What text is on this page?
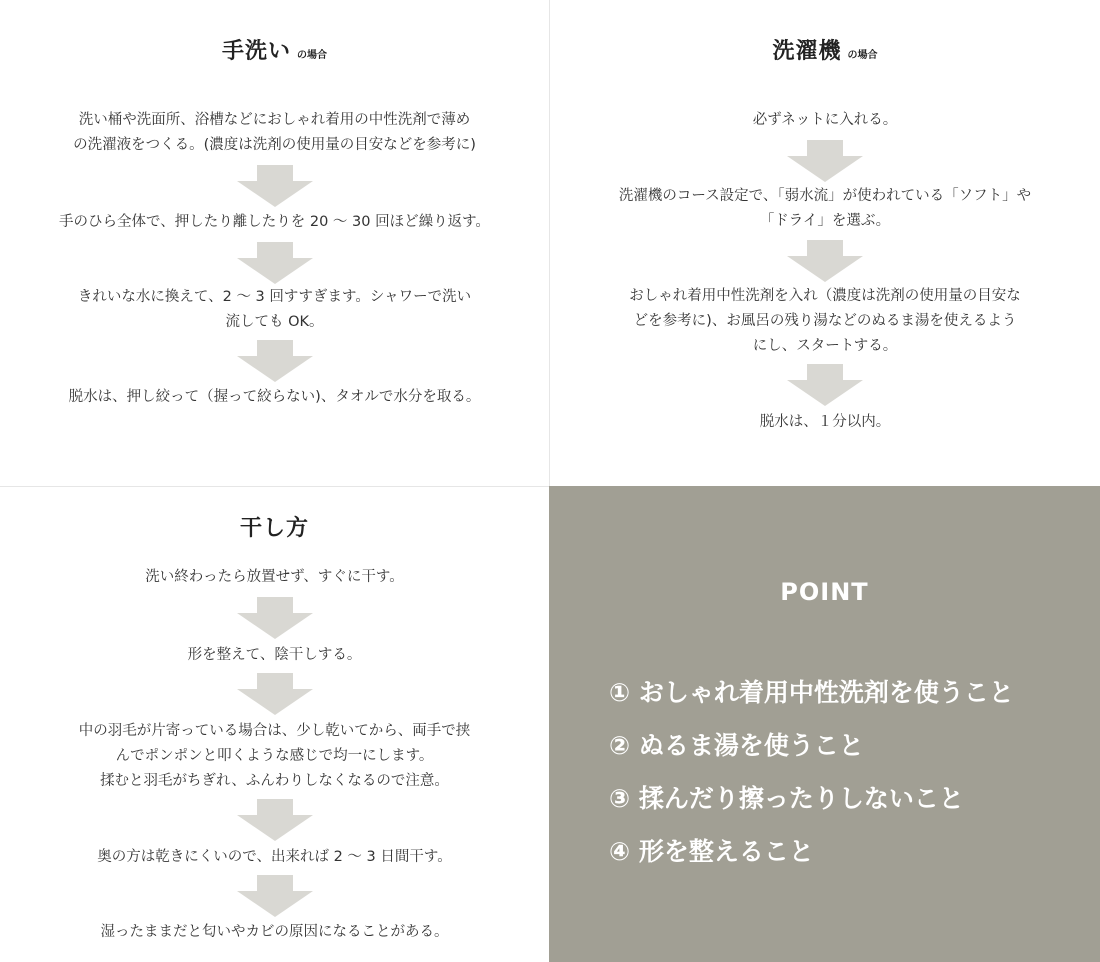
手洗い の場合
洗い桶や洗面所、浴槽などにおしゃれ着用の中性洗剤で薄め
の洗濯液をつくる。(濃度は洗剤の使用量の目安などを参考に)
手のひら全体で、押したり離したりを 20 ～ 30 回ほど繰り返す。
きれいな水に換えて、2 ～ 3 回すすぎます。シャワーで洗い
流しても OK。
脱水は、押し絞って（握って絞らない)、タオルで水分を取る。
洗濯機 の場合
必ずネットに入れる。
洗濯機のコース設定で、「弱水流」が使われている「ソフト」や
「ドライ」を選ぶ。
おしゃれ着用中性洗剤を入れ（濃度は洗剤の使用量の目安な
どを参考に)、お風呂の残り湯などのぬるま湯を使えるよう
にし、スタートする。
脱水は、１分以内。
干し方
洗い終わったら放置せず、すぐに干す。
形を整えて、陰干しする。
中の羽毛が片寄っている場合は、少し乾いてから、両手で挟
んでポンポンと叩くような感じで均一にします。
揉むと羽毛がちぎれ、ふんわりしなくなるので注意。
奥の方は乾きにくいので、出来れば 2 ～ 3 日間干す。
湿ったままだと匂いやカビの原因になることがある。
POINT
① おしゃれ着用中性洗剤を使うこと
② ぬるま湯を使うこと
③ 揉んだり擦ったりしないこと
④ 形を整えること
